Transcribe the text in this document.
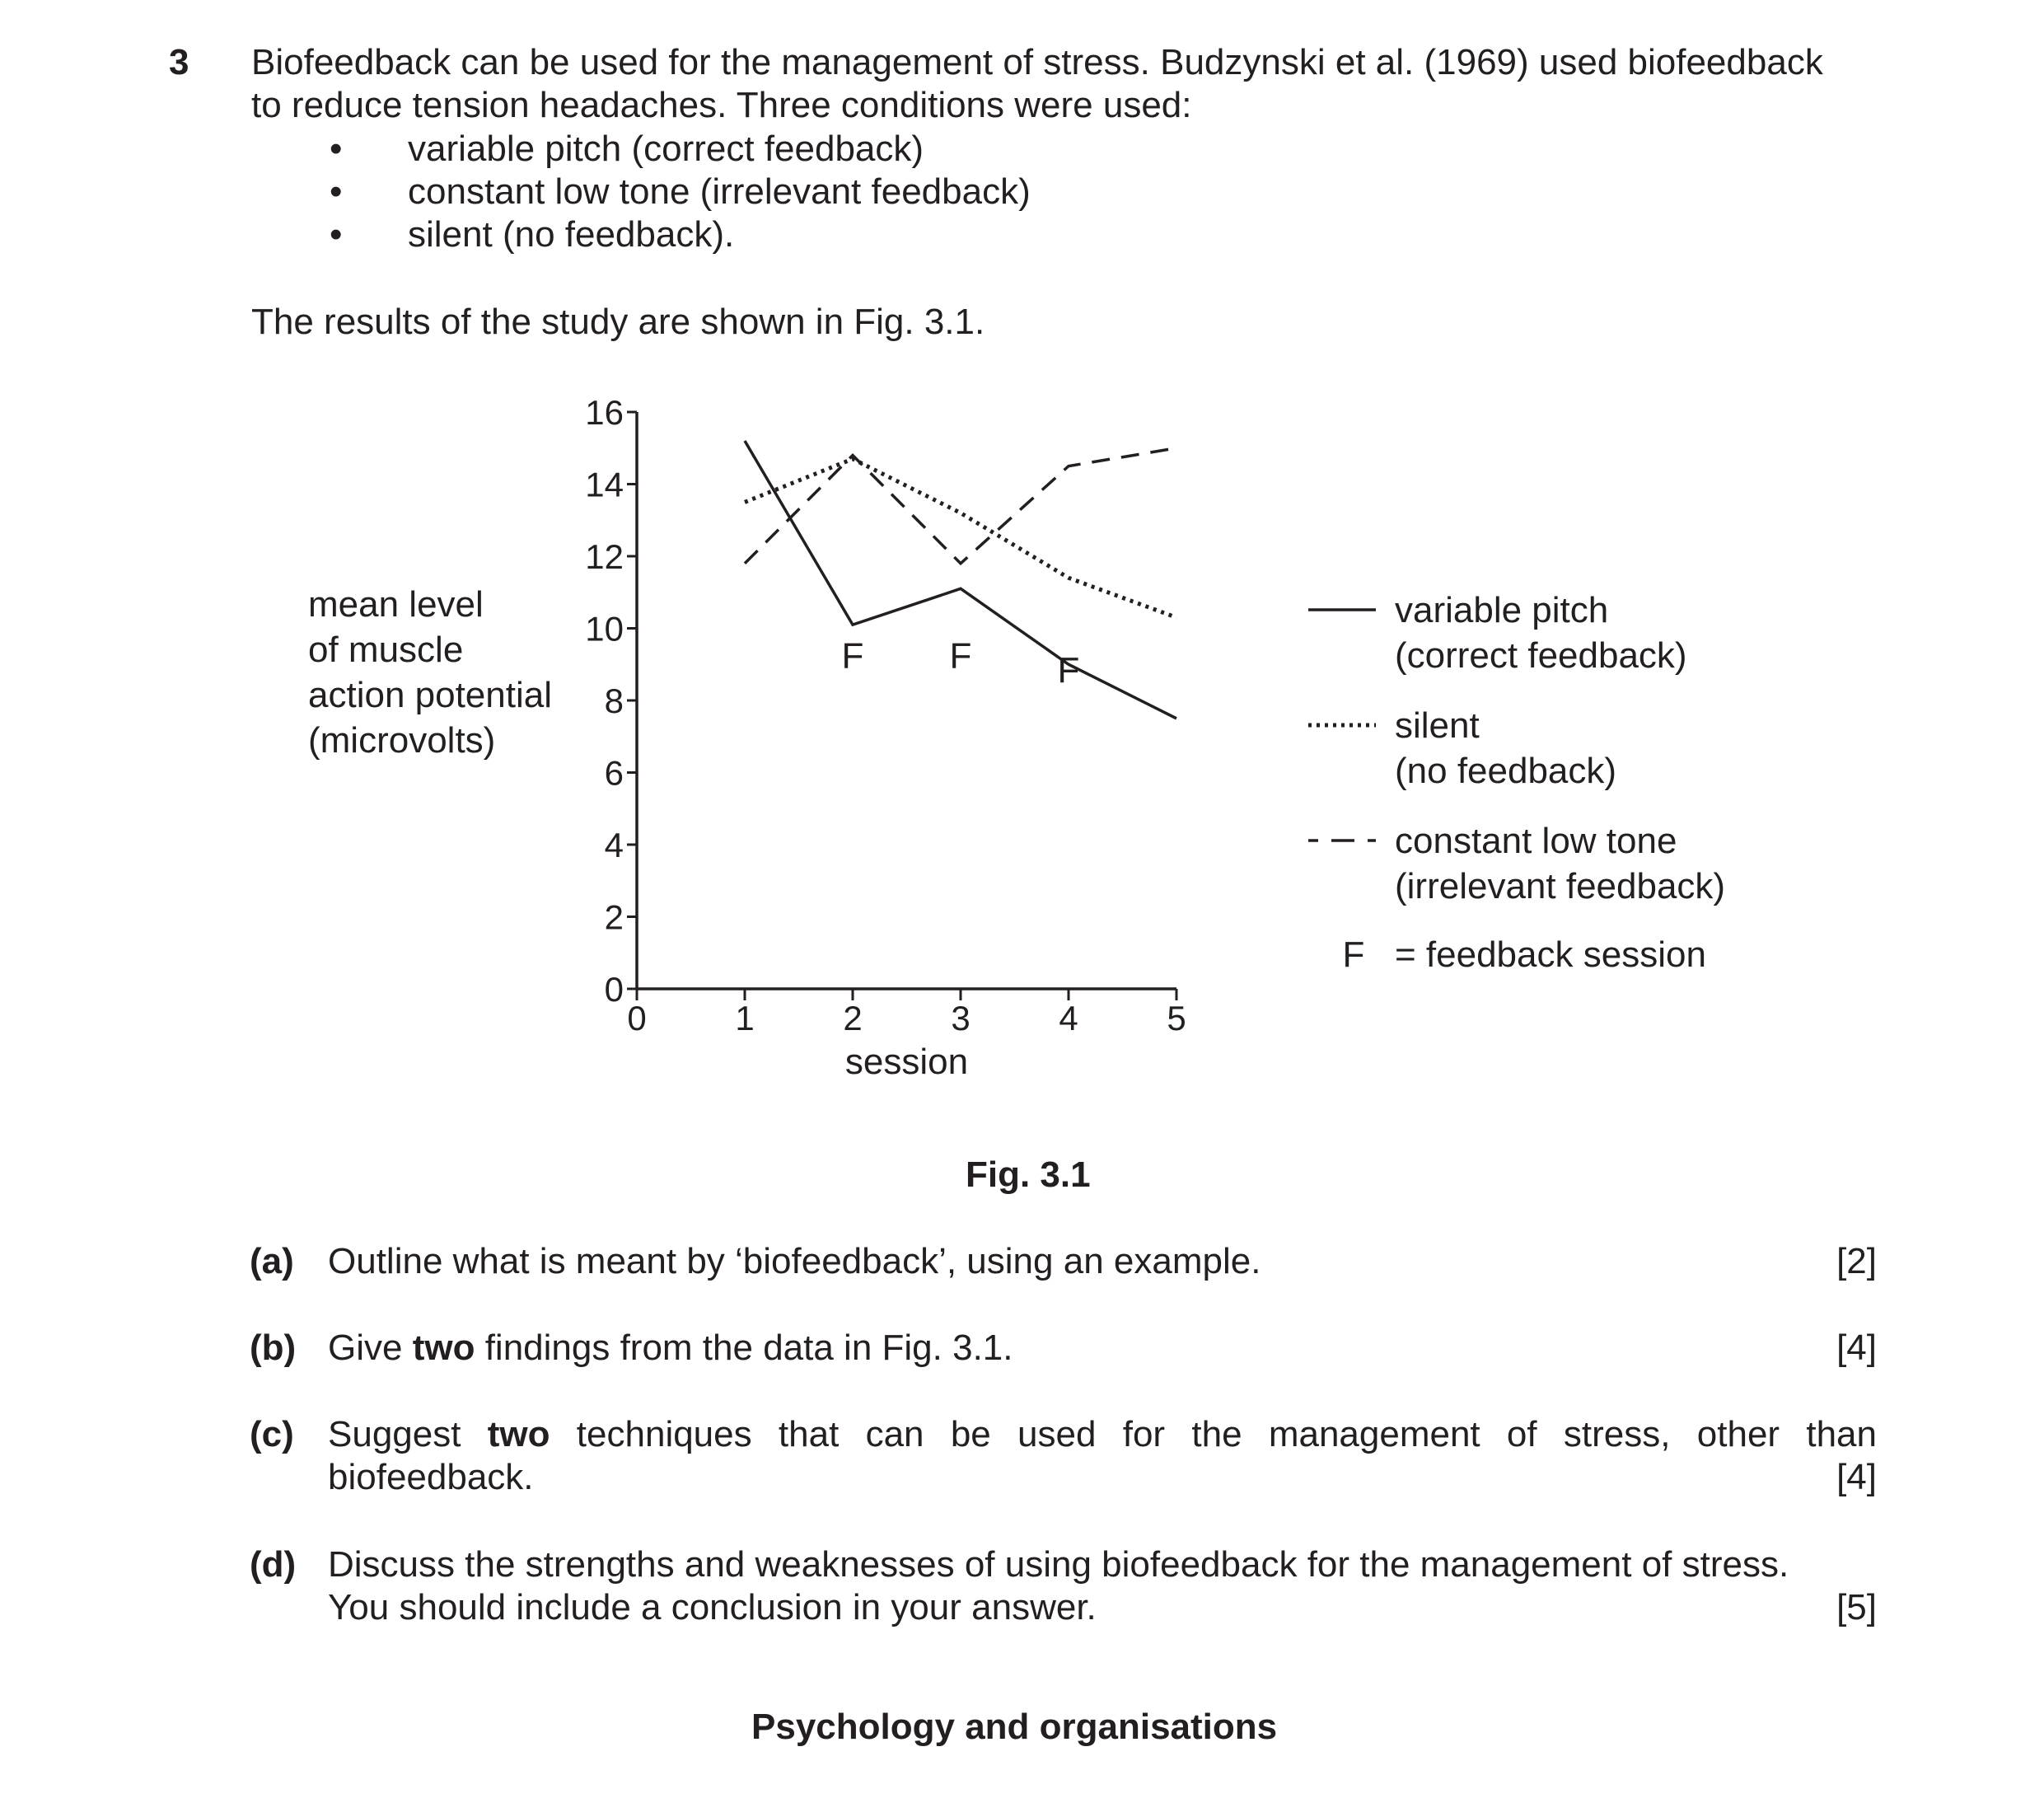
3 Biofeedback can be used for the management of stress. Budzynski et al. (1969) used biofeedback
to reduce tension headaches. Three conditions were used:
• variable pitch (correct feedback)
• constant low tone (irrelevant feedback)
• silent (no feedback).
The results of the study are shown in Fig. 3.1.
mean level
of muscle
action potential
(microvolts)
0
2
4
6
8
10
12
14
16
0	1	2	3	4	5
session
F F F
variable pitch
(correct feedback)
silent
(no feedback)
constant low tone
(irrelevant feedback)
F = feedback session
Fig. 3.1
(a) Outline what is meant by ‘biofeedback’, using an example.	[2]
(b) Give two findings from the data in Fig. 3.1.	[4]
(c) Suggest two techniques that can be used for the management of stress, other than
biofeedback.	[4]
(d) Discuss the strengths and weaknesses of using biofeedback for the management of stress.
You should include a conclusion in your answer.	[5]
Psychology and organisations
